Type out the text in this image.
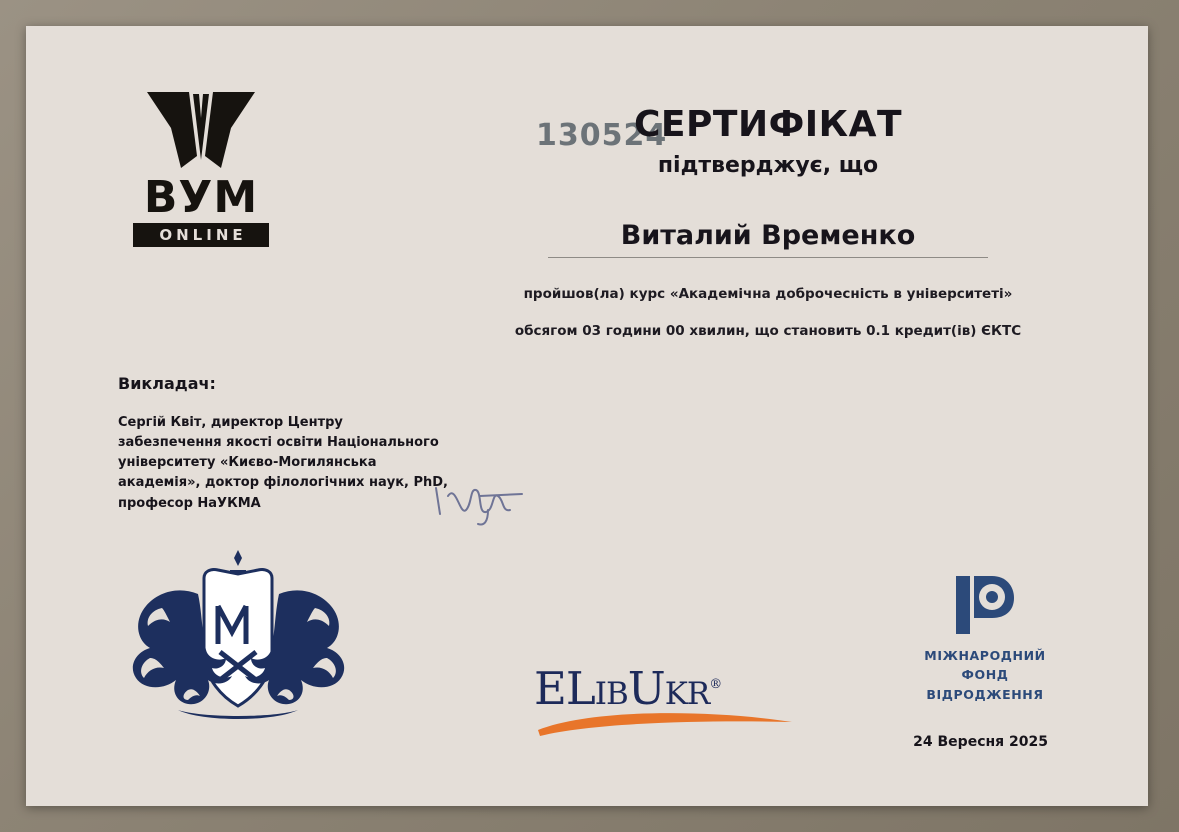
ВУМ
ONLINE
130524
СЕРТИФІКАТ
підтверджує, що
Виталий Временко
пройшов(ла) курс «Академічна доброчесність в університеті»
обсягом 03 години 00 хвилин, що становить 0.1 кредит(ів) ЄКТС
Викладач:
Сергій Квіт, директор Центру забезпечення якості освіти Національного університету «Києво-Могилянська академія», доктор філологічних наук, PhD, професор НаУКМА
ELIBUKR®
МІЖНАРОДНИЙ
ФОНД
ВІДРОДЖЕННЯ
24 Вересня 2025
